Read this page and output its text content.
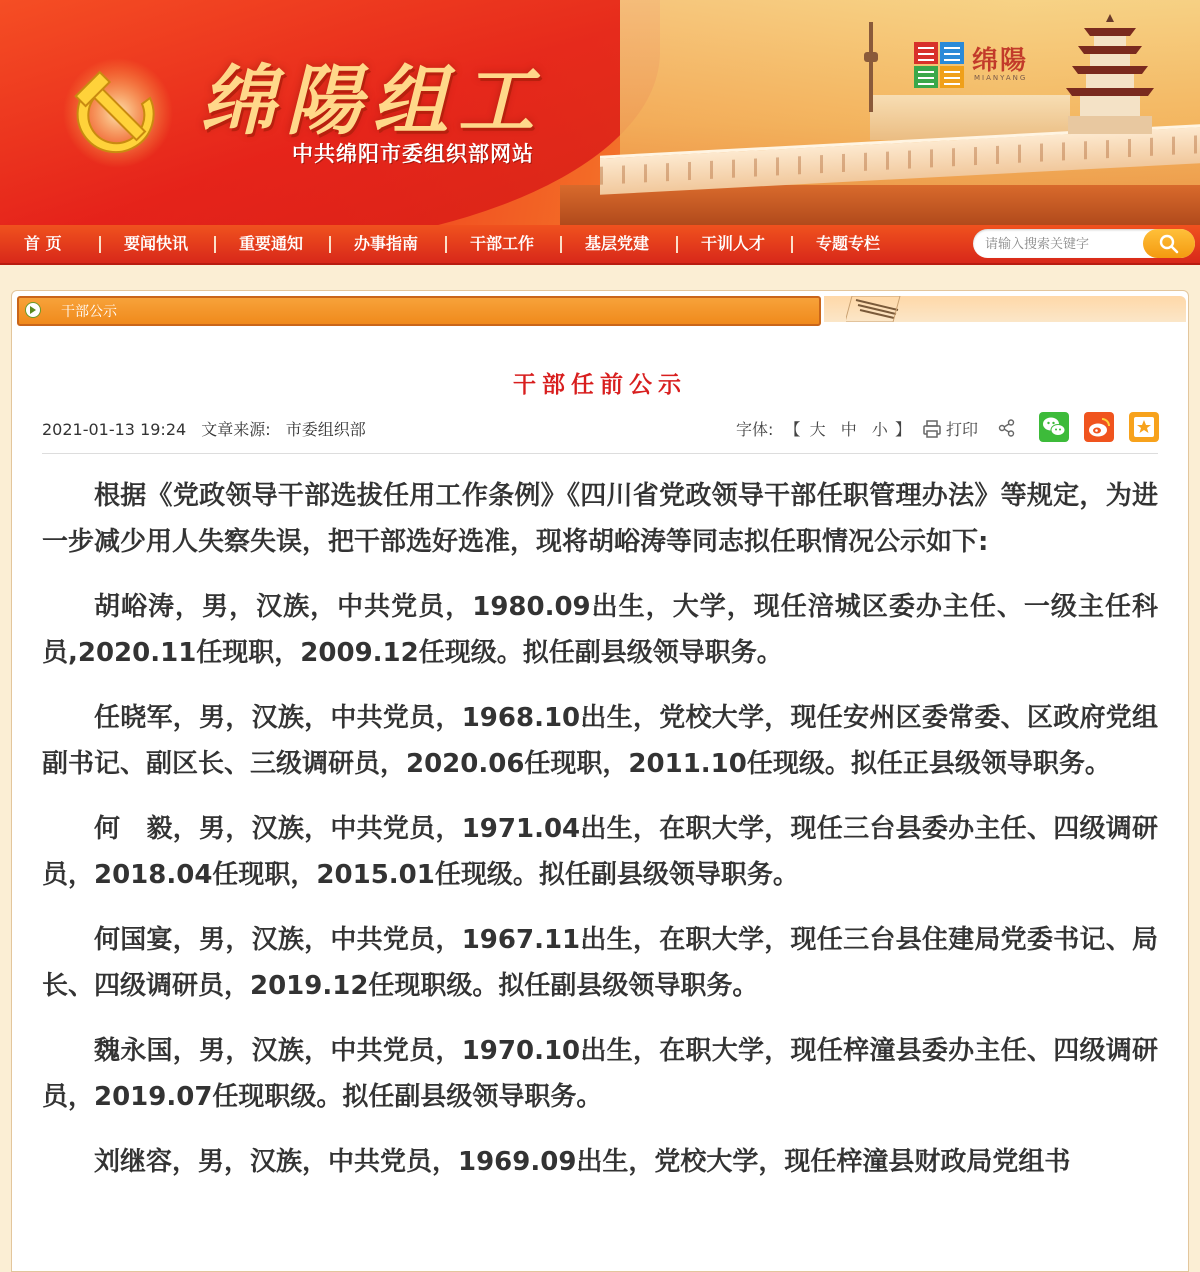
绵陽组工

中共绵阳市委组织部网站

绵陽
MIANYANG
首 页	要闻快讯	重要通知	办事指南	干部工作	基层党建	干训人才	专题专栏
请输入搜索关键字
干部公示
干部任前公示
2021-01-13 19:24 文章来源: 市委组织部	字体: 【 大 中 小 】	打印

根据《党政领导干部选拔任用工作条例》《四川省党政领导干部任职管理办法》等规定，为进一步减少用人失察失误，把干部选好选准，现将胡峪涛等同志拟任职情况公示如下:

胡峪涛，男，汉族，中共党员，1980.09出生，大学，现任涪城区委办主任、一级主任科员,2020.11任现职，2009.12任现级。拟任副县级领导职务。

任晓军，男，汉族，中共党员，1968.10出生，党校大学，现任安州区委常委、区政府党组副书记、副区长、三级调研员，2020.06任现职，2011.10任现级。拟任正县级领导职务。

何　毅，男，汉族，中共党员，1971.04出生，在职大学，现任三台县委办主任、四级调研员，2018.04任现职，2015.01任现级。拟任副县级领导职务。

何国宴，男，汉族，中共党员，1967.11出生，在职大学，现任三台县住建局党委书记、局长、四级调研员，2019.12任现职级。拟任副县级领导职务。

魏永国，男，汉族，中共党员，1970.10出生，在职大学，现任梓潼县委办主任、四级调研员，2019.07任现职级。拟任副县级领导职务。

刘继容，男，汉族，中共党员，1969.09出生，党校大学，现任梓潼县财政局党组书
